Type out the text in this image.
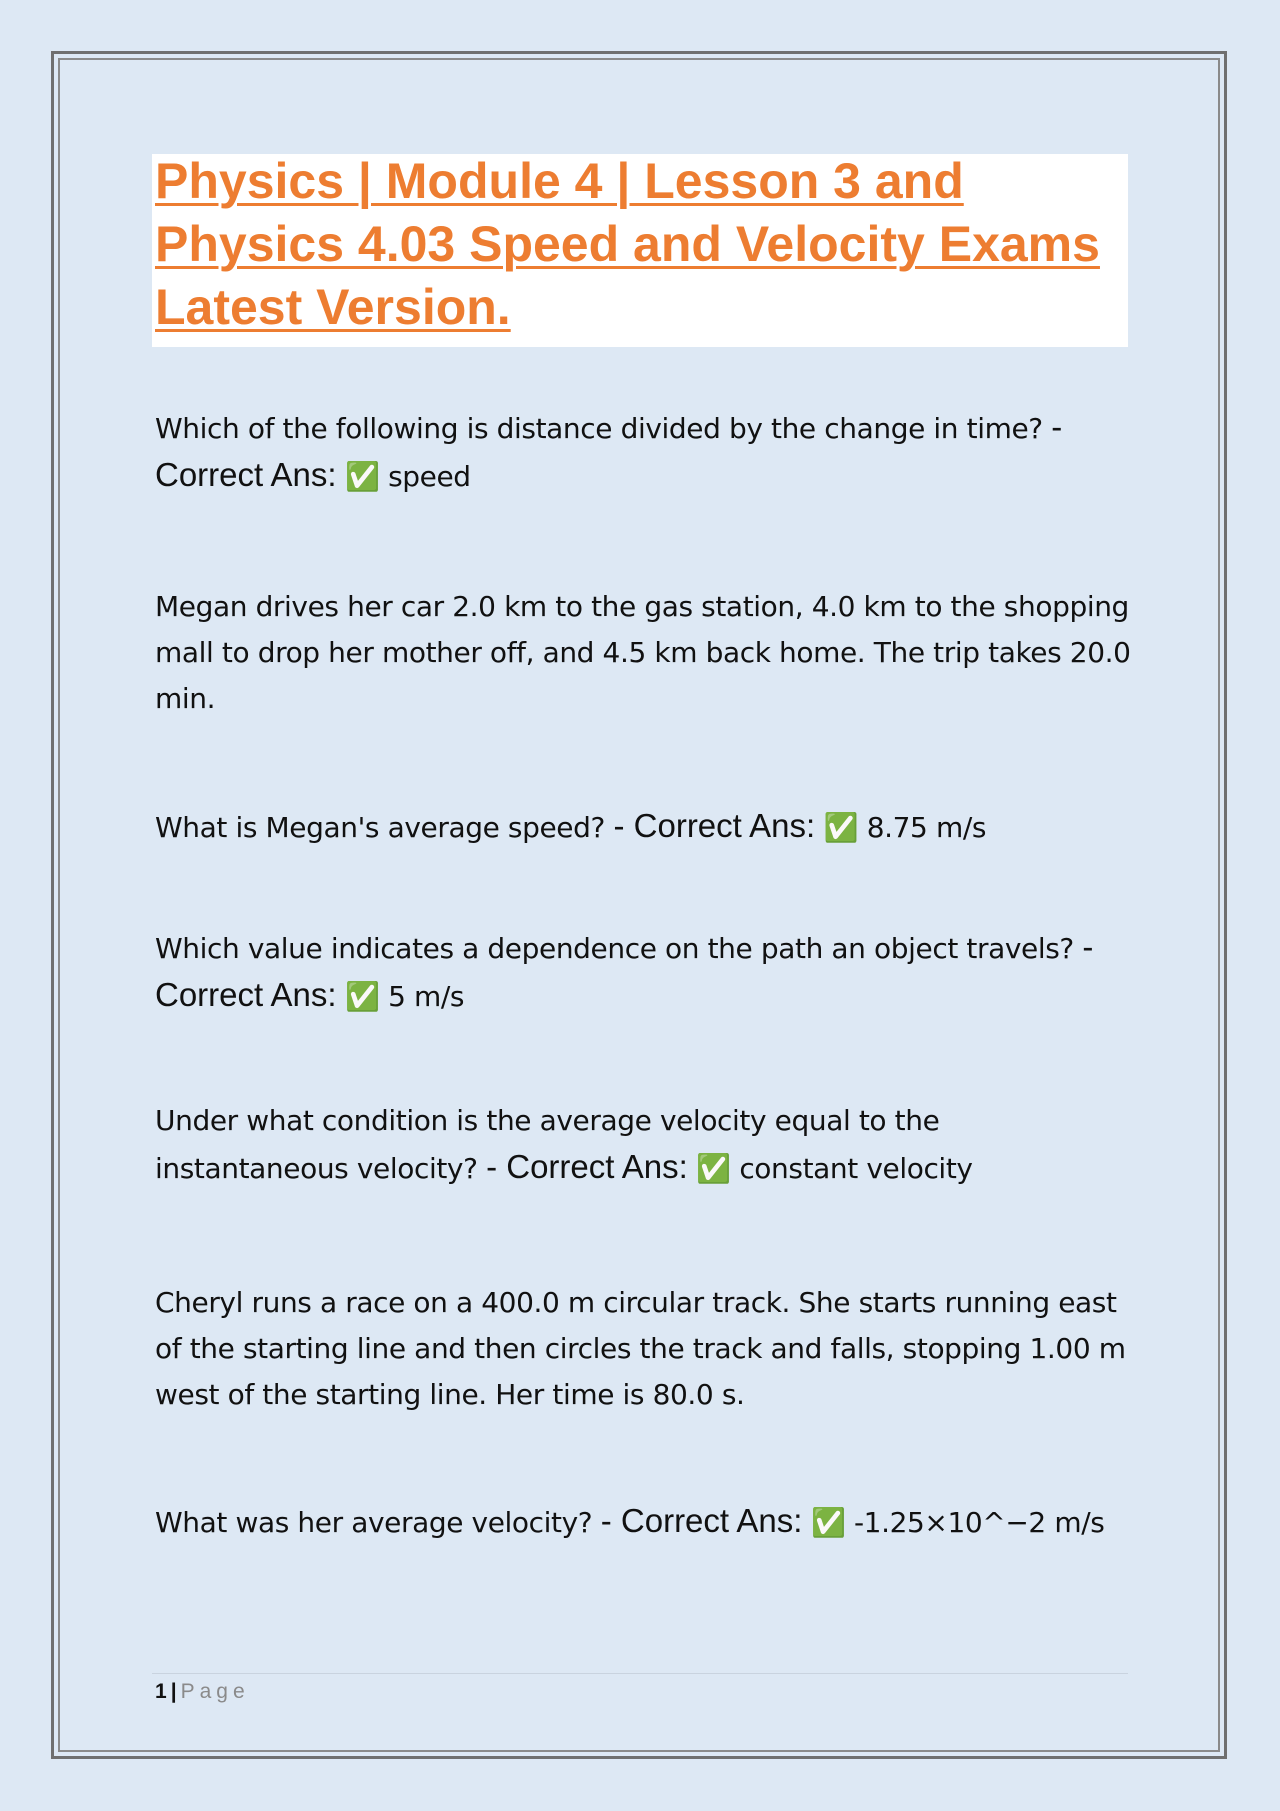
Physics | Module 4 | Lesson 3 and Physics 4.03 Speed and Velocity Exams Latest Version.

Which of the following is distance divided by the change in time? - Correct Ans: ✅ speed

Megan drives her car 2.0 km to the gas station, 4.0 km to the shopping mall to drop her mother off, and 4.5 km back home. The trip takes 20.0 min.

What is Megan's average speed? - Correct Ans: ✅ 8.75 m/s

Which value indicates a dependence on the path an object travels? - Correct Ans: ✅ 5 m/s

Under what condition is the average velocity equal to the instantaneous velocity? - Correct Ans: ✅ constant velocity

Cheryl runs a race on a 400.0 m circular track. She starts running east of the starting line and then circles the track and falls, stopping 1.00 m west of the starting line. Her time is 80.0 s.

What was her average velocity? - Correct Ans: ✅ -1.25×10^−2 m/s

1 | Page
